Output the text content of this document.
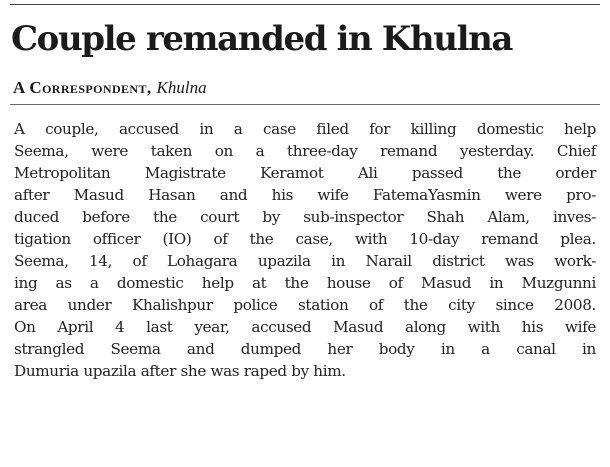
Couple remanded in Khulna
A Correspondent, Khulna
A couple, accused in a case filed for killing domestic help
Seema, were taken on a three-day remand yesterday. Chief
Metropolitan Magistrate Keramot Ali passed the order
after Masud Hasan and his wife FatemaYasmin were pro-
duced before the court by sub-inspector Shah Alam, inves-
tigation officer (IO) of the case, with 10-day remand plea.
Seema, 14, of Lohagara upazila in Narail district was work-
ing as a domestic help at the house of Masud in Muzgunni
area under Khalishpur police station of the city since 2008.
On April 4 last year, accused Masud along with his wife
strangled Seema and dumped her body in a canal in
Dumuria upazila after she was raped by him.
